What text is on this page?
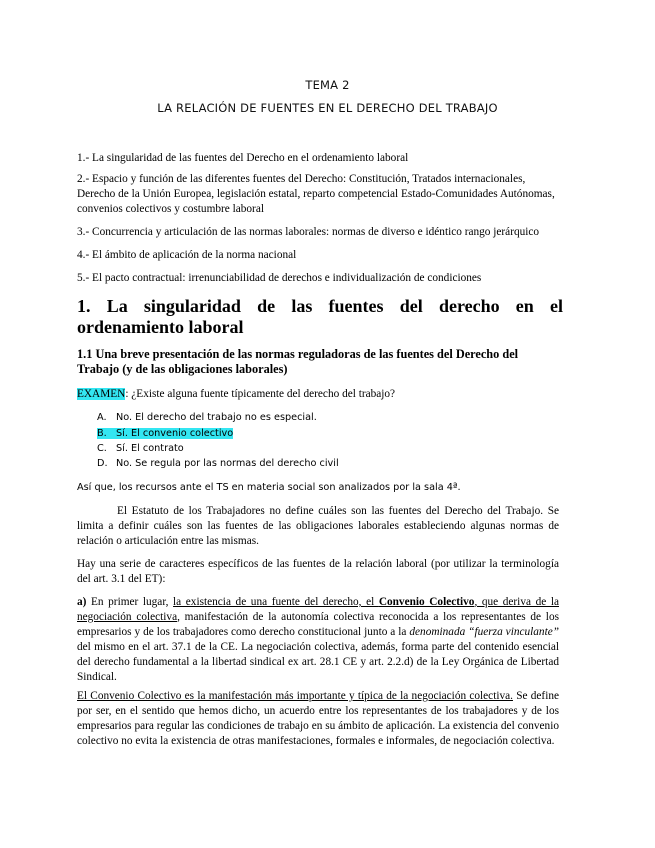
TEMA 2
LA RELACIÓN DE FUENTES EN EL DERECHO DEL TRABAJO
1.- La singularidad de las fuentes del Derecho en el ordenamiento laboral
2.- Espacio y función de las diferentes fuentes del Derecho: Constitución, Tratados internacionales, Derecho de la Unión Europea, legislación estatal, reparto competencial Estado-Comunidades Autónomas, convenios colectivos y costumbre laboral
3.- Concurrencia y articulación de las normas laborales: normas de diverso e idéntico rango jerárquico
4.- El ámbito de aplicación de la norma nacional
5.- El pacto contractual: irrenunciabilidad de derechos e individualización de condiciones
1. La singularidad de las fuentes del derecho en el ordenamiento laboral
1.1 Una breve presentación de las normas reguladoras de las fuentes del Derecho del Trabajo (y de las obligaciones laborales)
EXAMEN: ¿Existe alguna fuente típicamente del derecho del trabajo?
A. No. El derecho del trabajo no es especial.
B. Sí. El convenio colectivo
C. Sí. El contrato
D. No. Se regula por las normas del derecho civil
Así que, los recursos ante el TS en materia social son analizados por la sala 4ª.
El Estatuto de los Trabajadores no define cuáles son las fuentes del Derecho del Trabajo. Se limita a definir cuáles son las fuentes de las obligaciones laborales estableciendo algunas normas de relación o articulación entre las mismas.
Hay una serie de caracteres específicos de las fuentes de la relación laboral (por utilizar la terminología del art. 3.1 del ET):
a) En primer lugar, la existencia de una fuente del derecho, el Convenio Colectivo, que deriva de la negociación colectiva, manifestación de la autonomía colectiva reconocida a los representantes de los empresarios y de los trabajadores como derecho constitucional junto a la denominada “fuerza vinculante” del mismo en el art. 37.1 de la CE. La negociación colectiva, además, forma parte del contenido esencial del derecho fundamental a la libertad sindical ex art. 28.1 CE y art. 2.2.d) de la Ley Orgánica de Libertad Sindical.
El Convenio Colectivo es la manifestación más importante y típica de la negociación colectiva. Se define por ser, en el sentido que hemos dicho, un acuerdo entre los representantes de los trabajadores y de los empresarios para regular las condiciones de trabajo en su ámbito de aplicación. La existencia del convenio colectivo no evita la existencia de otras manifestaciones, formales e informales, de negociación colectiva.
